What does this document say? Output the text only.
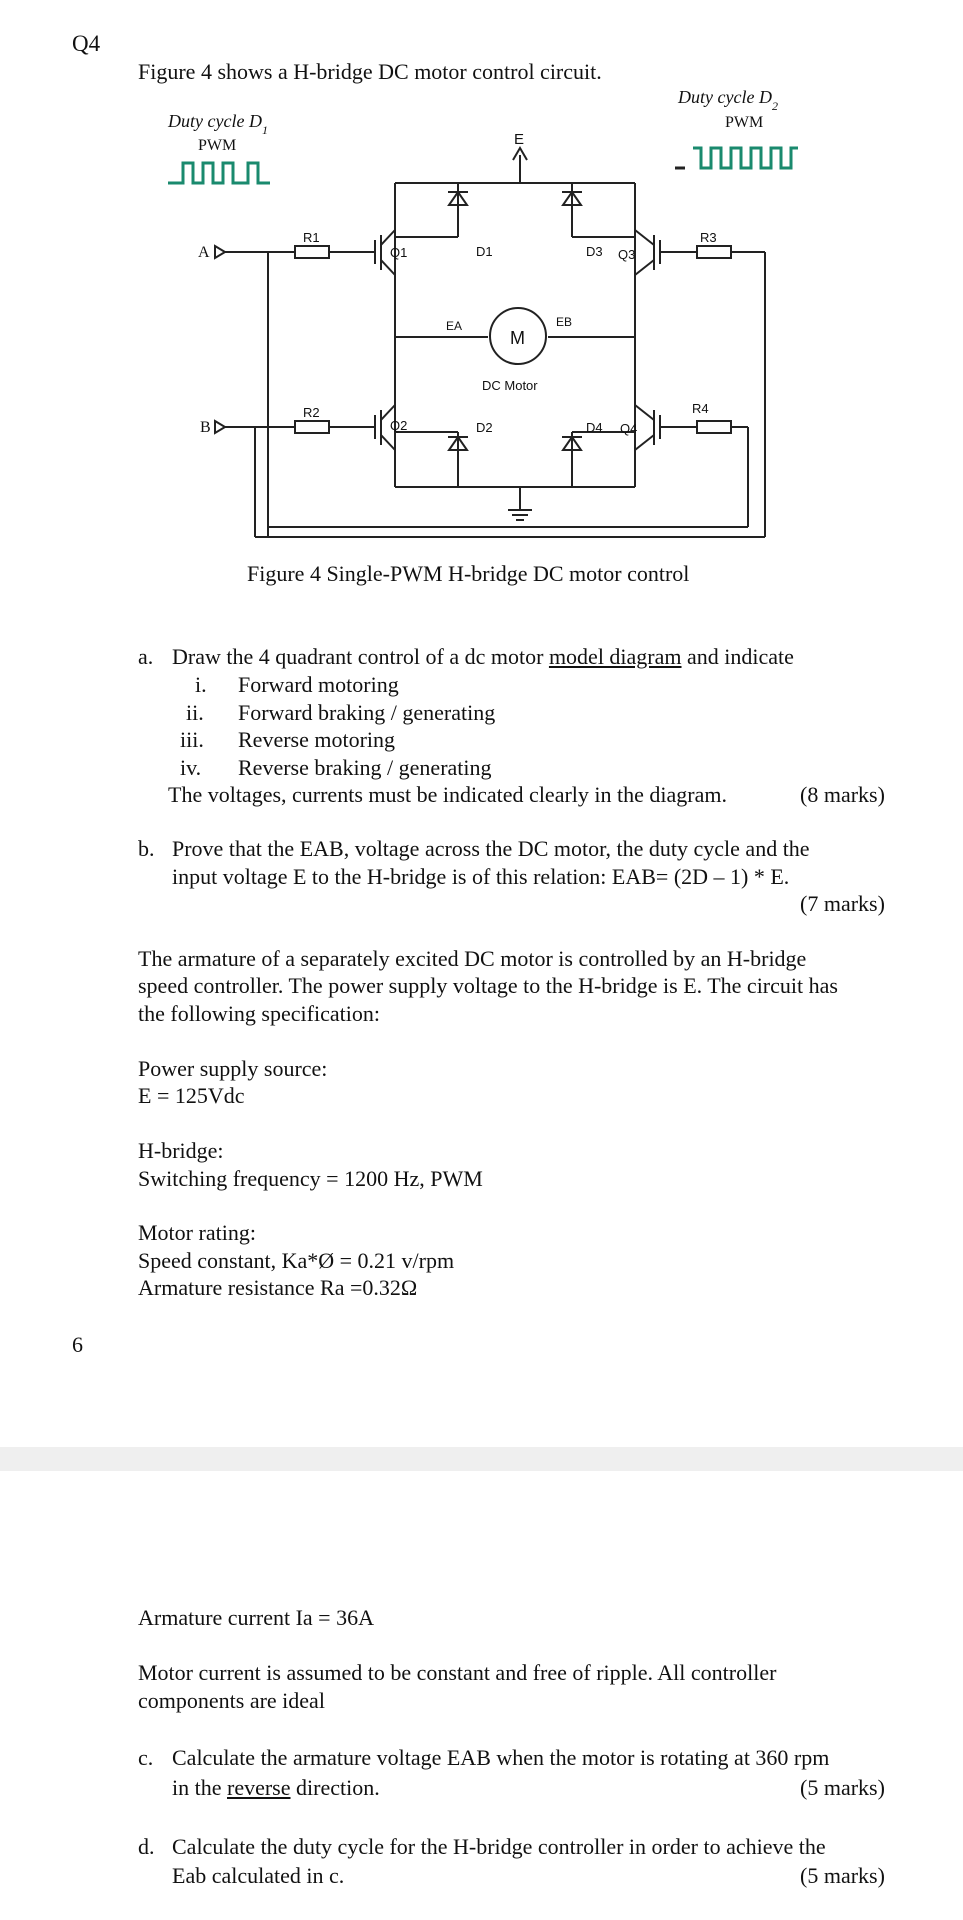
Q4
Figure 4 shows a H-bridge DC motor control circuit.
Duty cycle $D_1$
PWM
Duty cycle $D_2$
PWM
E
A
B
R1
R2
R3
R4
Q1
Q2
Q3
Q4
D1
D2
D3
D4
EA	EB
M
DC Motor
Figure 4 Single-PWM H-bridge DC motor control
a. Draw the 4 quadrant control of a dc motor model diagram and indicate
i. Forward motoring
ii. Forward braking / generating
iii. Reverse motoring
iv. Reverse braking / generating
The voltages, currents must be indicated clearly in the diagram.	(8 marks)
b. Prove that the EAB, voltage across the DC motor, the duty cycle and the
input voltage E to the H-bridge is of this relation: EAB= (2D – 1) * E.
(7 marks)
The armature of a separately excited DC motor is controlled by an H-bridge
speed controller. The power supply voltage to the H-bridge is E. The circuit has
the following specification:
Power supply source:
E = 125Vdc
H-bridge:
Switching frequency = 1200 Hz, PWM
Motor rating:
Speed constant, Ka*Ø = 0.21 v/rpm
Armature resistance Ra =0.32Ω
6
Armature current Ia = 36A
Motor current is assumed to be constant and free of ripple. All controller
components are ideal
c. Calculate the armature voltage EAB when the motor is rotating at 360 rpm
in the reverse direction.	(5 marks)
d. Calculate the duty cycle for the H-bridge controller in order to achieve the
Eab calculated in c.	(5 marks)
